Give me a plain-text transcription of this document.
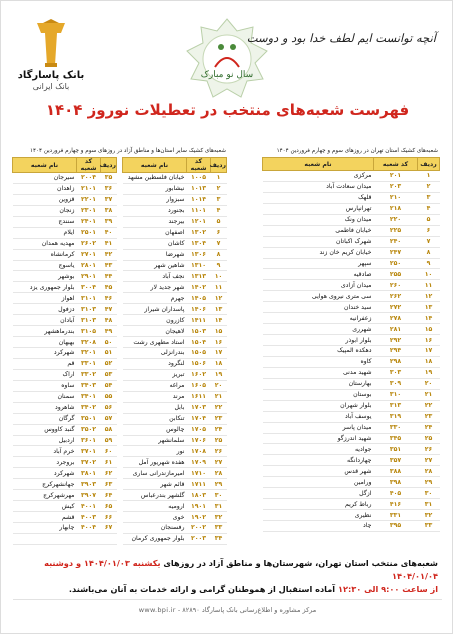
بانک پاسارگاد
بانک ایرانی
سال نو مبارک
آنچه توانست ایم لطف خدا بود و دوست
فهرست شعبه‌های منتخب در تعطیلات نوروز ۱۴۰۴
شعبه‌های کشیک استان تهران در روزهای سوم و چهارم فروردین ۱۴۰۴
شعبه‌های کشیک سایر استان‌ها و مناطق آزاد در روزهای سوم و چهارم فروردین ۱۴۰۴
ردیف	کد شعبه	نام شعبه
۱	۲۰۱	مرکزی
۲	۲۰۳	میدان سعادت آباد
۳	۲۱۰	قلهک
۴	۲۱۸	تهرانپارس
۵	۲۲۰	میدان ونک
۶	۲۲۵	خیابان فاطمی
۷	۲۴۰	شهرک اکباتان
۸	۲۴۷	خیابان کریم خان زند
۹	۲۵۰	سپهر
۱۰	۲۵۵	صادقیه
۱۱	۲۶۰	میدان آزادی
۱۲	۲۶۲	سی متری نیروی هوایی
۱۳	۲۷۲	سید خندان
۱۴	۲۷۸	زعفرانیه
۱۵	۲۸۱	شهرری
۱۶	۲۹۲	بلوار ابوذر
۱۷	۲۹۴	دهکده المپیک
۱۸	۲۹۸	کاوه
۱۹	۳۰۳	شهید مدنی
۲۰	۳۰۹	بهارستان
۲۱	۳۱۰	بوستان
۲۲	۳۱۳	بلوار شهران
۲۳	۳۱۹	یوسف آباد
۲۴	۳۳۰	میدان پاسر
۲۵	۳۴۵	شهید اندرزگو
۲۶	۳۵۱	جوادیه
۲۷	۳۵۷	چهاردانگه
۲۸	۳۸۸	شهر قدس
۲۹	۳۹۸	ورامین
۳۰	۴۰۵	ازگل
۳۱	۴۱۶	رباط کریم
۳۲	۳۳۱	نظیری
۳۳	۳۹۵	چاد
ردیف	کد شعبه	نام شعبه		ردیف	کد شعبه	نام شعبه
۱	۱۰۰۵	خیابان فلسطین مشهد		۳۵	۲۰۰۴	سیرجان
۲	۱۰۱۳	نیشابور		۳۶	۲۱۰۱	زاهدان
۳	۱۰۱۴	سبزوار		۳۷	۲۲۰۱	قزوین
۴	۱۱۰۱	بجنورد		۳۸	۲۳۰۱	زنجان
۵	۱۲۰۱	بیرجند		۳۹	۲۴۰۱	سنندج
۶	۱۳۰۲	اصفهان		۴۰	۲۵۰۱	ایلام
۷	۱۳۰۴	کاشان		۴۱	۲۶۰۲	مهدیه همدان
۸	۱۳۰۶	شهرضا		۴۲	۲۷۰۱	کرمانشاه
۹	۱۳۱۰	شاهین شهر		۴۳	۲۸۰۱	یاسوج
۱۰	۱۳۱۳	نجف آباد		۴۴	۲۹۰۱	بوشهر
۱۱	۱۴۰۲	شهر جدید لار		۴۵	۳۰۰۴	بلوار جمهوری یزد
۱۲	۱۴۰۵	جهرم		۴۶	۳۱۰۱	اهواز
۱۳	۱۴۰۶	پاسداران شیراز		۴۷	۳۱۰۳	دزفول
۱۴	۱۴۱۱	کازرون		۴۸	۳۱۰۳	آبادان
۱۵	۱۵۰۳	لاهیجان		۴۹	۳۱۰۵	بندرماهشهر
۱۶	۱۵۰۴	استاد مطهری رشت		۵۰	۳۲۰۸	بهبهان
۱۷	۱۵۰۵	بندرانزلی		۵۱	۳۲۰۱	شهرکرد
۱۸	۱۵۰۶	لنگرود		۵۲	۳۳۰۱	قم
۱۹	۱۶۰۲	تبریز		۵۳	۳۳۰۲	اراک
۲۰	۱۶۰۵	مراغه		۵۴	۳۴۰۳	ساوه
۲۱	۱۶۱۱	مرند		۵۵	۳۴۰۱	سمنان
۲۲	۱۷۰۳	بابل		۵۶	۳۴۰۲	شاهرود
۲۳	۱۷۰۴	تنکابن		۵۷	۳۵۰۱	گرگان
۲۴	۱۷۰۵	چالوس		۵۸	۳۵۰۲	گنبد کاووس
۲۵	۱۷۰۶	سلمانشهر		۵۹	۳۶۰۱	اردبیل
۲۶	۱۷۰۸	نور		۶۰	۳۷۰۱	خرم آباد
۲۷	۱۷۰۹	هفده شهریور آمل		۶۱	۳۷۰۲	بروجرد
۲۸	۱۷۱۰	امیرمازندرانی ساری		۶۲	۳۸۰۱	شهرکرد
۲۹	۱۷۱۱	قائم شهر		۶۳	۳۹۰۳	جهانشهرکرج
۳۰	۱۸۰۳	گلشهر بندرعباس		۶۴	۳۹۰۷	مهرشهرکرج
۳۱	۱۹۰۱	ارومیه		۶۵	۴۰۰۱	کیش
۳۲	۱۹۰۲	خوی		۶۶	۴۰۰۳	قشم
۳۳	۲۰۰۲	رفسنجان		۶۷	۴۰۰۴	چابهار
۳۴	۲۰۰۳	بلوار جمهوری کرمان				
شعبه‌های منتخب استان تهران، شهرستان‌ها و مناطق آزاد در روزهای یکشنبه ۱۴۰۴/۰۱/۰۳ و دوشنبه ۱۴۰۴/۰۱/۰۴
از ساعت ۹:۰۰ الی ۱۲:۳۰ آماده استقبال از هموطنان گرامی و ارائه خدمات به آنان می‌باشند.
مرکز مشاوره و اطلاع‌رسانی بانک پاسارگاد ۸۲۸۹۰ - www.bpi.ir
